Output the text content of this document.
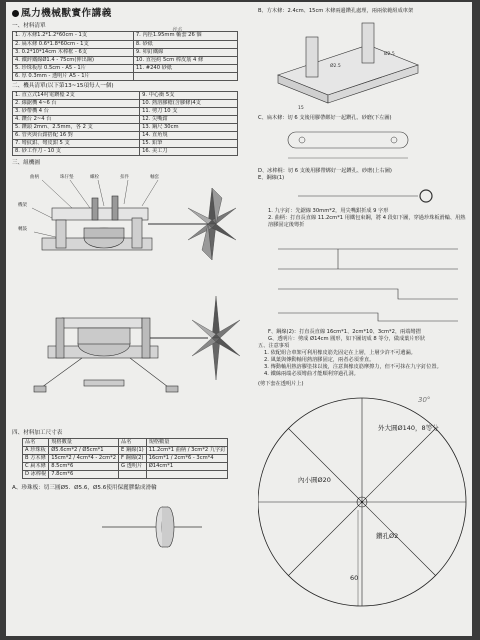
風力機械獸實作講義
一、材料清單
姓名 ______
1. 方木條1.2*1.2*60cm - 1支	7. 內徑1.95mm 軸套 26 個
2. 扁木條 0.6*1.8*60cm - 1支	8. 砂紙
3. 0.2*10*14cm 木棒框 - 6支	9. 卯釘鐵線
4. 鐵鋅鐵線Ø1.4 - 75cm(伸出鋼)	10. 直徑約 5cm 棒皮筋 4 條
5. 珍珠板厚 0.5cm - A5 - 1片	11. #240 砂紙
6. 厚 0.3mm - 透明片 A5 - 1片	
二、機具清單(以下第13~15項每人一個)
1. 直立式14吋電鑽檯 2支	9. 中心衝 5支
2. 線鋸機 4~6 台	10. 熱溶膠槍(含膠條)4支
3. 砂帶機 4 台	11. 剪刀 10 支
4. 鑽台 2~4 台	12. 尖嘴鉗
5. 鑽頭 2mm、2.5mm，各 2 支	13. 鋼尺 30cm
6. 管夾與台鉗搭配 16 對	14. 直角規
7. 彎紋鉗、彎皮鉗 5 支	15. 鉛筆
8. 砂工作刀 - 10 支	16. 美工刀
三、組機圖
曲柄	珠仔墊	螺栓	扣件	軸套
機架
轉鼓
四、材料加工尺寸表
品名	規格數量	品名	規格數量
A 珍珠板	Ø5.6cm*2 / Ø5cm*1	E 鋼線(1)	11.2cm*1 曲柄 / 3cm*2 九字釘
B 方木條	15cm*2 / 4cm*4 - 2cm*2	F 鋼線(2)	16cm*1 / 2cm*6 - 3cm*4
C 扁木條	8.5cm*6	G 透明片	Ø14cm*1
D 冰棒棍	7.8cm*6		
A、珍珠板：切三圓Ø5．Ø5.6，Ø5.6使用保麗膠黏成滑輪
B、方木條：2.4cm、15cm 木條兩邊鑽孔處理，兩兩依範組成車架
Ø2.5
Ø2.5
15
C、扁木條：切 6 支後用膠帶綁好一起鑽孔、砂磨(下左圖)
D、冰棒棍：切 6 支後用膠帶綁好一起鑽孔、砂磨(上右圖)
E、鋼線(1)
1. 九字釘：先鋸線 30mm*2，用尖嘴鉗折成 9 字形
2. 曲柄：打直長直線 11.2cm*1 用鐵包束鋼，將 4 段如下圖，穿過珍珠板滑輪、用熱溶膠固定後彎折
F、鋼線(2)：打直長直線 16cm*1、2cm*10、3cm*2，兩端彎摺
G、透明片：剪成 Ø14cm 圓形，如下圖切成 8 等分，做成葉片形狀
五、注意事項
1. 依配組合車架可利用橡皮筋先固定在上層，上層少許不可遺漏。
2. 風葉與傳動軸用熱溶膠固定，兩者必須垂直。
3. 傳動軸用熱溶膠塗抹以後，注意與橡皮筋摩擦力，但不可抹在九字釘位置。
4. 鐵絲兩端必須彎曲才能順利穿過孔洞。
(剪下套在透明片上)
外大圓Ø140，8等分
內小圓Ø20
鑽孔Ø2
60
30°
